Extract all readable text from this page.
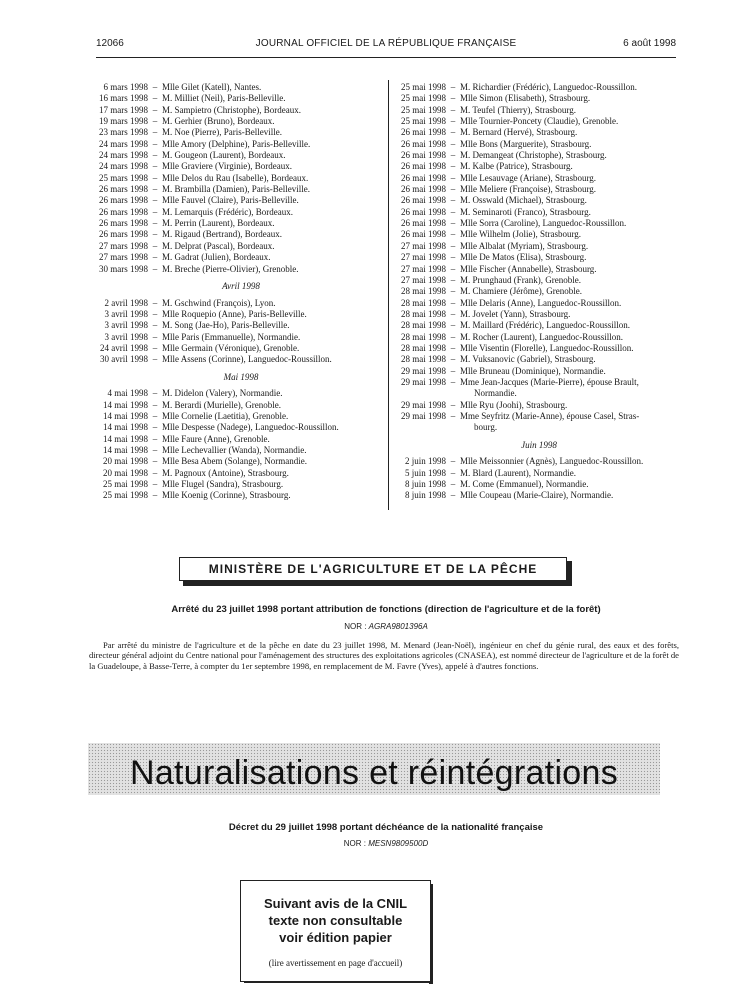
12066	JOURNAL OFFICIEL DE LA RÉPUBLIQUE FRANÇAISE	6 août 1998
6 mars 1998 – Mlle Gilet (Katell), Nantes.
16 mars 1998 – M. Milliet (Neil), Paris-Belleville.
17 mars 1998 – M. Sampietro (Christophe), Bordeaux.
19 mars 1998 – M. Gerhier (Bruno), Bordeaux.
23 mars 1998 – M. Noe (Pierre), Paris-Belleville.
24 mars 1998 – Mlle Amory (Delphine), Paris-Belleville.
24 mars 1998 – M. Gougeon (Laurent), Bordeaux.
24 mars 1998 – Mlle Graviere (Virginie), Bordeaux.
25 mars 1998 – Mlle Delos du Rau (Isabelle), Bordeaux.
26 mars 1998 – M. Brambilla (Damien), Paris-Belleville.
26 mars 1998 – Mlle Fauvel (Claire), Paris-Belleville.
26 mars 1998 – M. Lemarquis (Frédéric), Bordeaux.
26 mars 1998 – M. Perrin (Laurent), Bordeaux.
26 mars 1998 – M. Rigaud (Bertrand), Bordeaux.
27 mars 1998 – M. Delprat (Pascal), Bordeaux.
27 mars 1998 – M. Gadrat (Julien), Bordeaux.
30 mars 1998 – M. Breche (Pierre-Olivier), Grenoble.
Avril 1998
2 avril 1998 – M. Gschwind (François), Lyon.
3 avril 1998 – Mlle Roquepio (Anne), Paris-Belleville.
3 avril 1998 – M. Song (Jae-Ho), Paris-Belleville.
3 avril 1998 – Mlle Paris (Emmanuelle), Normandie.
24 avril 1998 – Mlle Germain (Véronique), Grenoble.
30 avril 1998 – Mlle Assens (Corinne), Languedoc-Roussillon.
Mai 1998
4 mai 1998 – M. Didelon (Valery), Normandie.
14 mai 1998 – M. Berardi (Murielle), Grenoble.
14 mai 1998 – Mlle Cornelie (Laetitia), Grenoble.
14 mai 1998 – Mlle Despesse (Nadege), Languedoc-Roussillon.
14 mai 1998 – Mlle Faure (Anne), Grenoble.
14 mai 1998 – Mlle Lechevallier (Wanda), Normandie.
20 mai 1998 – Mlle Besa Abem (Solange), Normandie.
20 mai 1998 – M. Pagnoux (Antoine), Strasbourg.
25 mai 1998 – Mlle Flugel (Sandra), Strasbourg.
25 mai 1998 – Mlle Koenig (Corinne), Strasbourg.
25 mai 1998 – M. Richardier (Frédéric), Languedoc-Roussillon.
25 mai 1998 – Mlle Simon (Elisabeth), Strasbourg.
25 mai 1998 – M. Teufel (Thierry), Strasbourg.
25 mai 1998 – Mlle Tournier-Poncety (Claudie), Grenoble.
26 mai 1998 – M. Bernard (Hervé), Strasbourg.
26 mai 1998 – Mlle Bons (Marguerite), Strasbourg.
26 mai 1998 – M. Demangeat (Christophe), Strasbourg.
26 mai 1998 – M. Kalbe (Patrice), Strasbourg.
26 mai 1998 – Mlle Lesauvage (Ariane), Strasbourg.
26 mai 1998 – Mlle Meliere (Françoise), Strasbourg.
26 mai 1998 – M. Osswald (Michael), Strasbourg.
26 mai 1998 – M. Seminaroti (Franco), Strasbourg.
26 mai 1998 – Mlle Sorra (Caroline), Languedoc-Roussillon.
26 mai 1998 – Mlle Wilhelm (Jolie), Strasbourg.
27 mai 1998 – Mlle Albalat (Myriam), Strasbourg.
27 mai 1998 – Mlle De Matos (Elisa), Strasbourg.
27 mai 1998 – Mlle Fischer (Annabelle), Strasbourg.
27 mai 1998 – M. Prunghaud (Frank), Grenoble.
28 mai 1998 – M. Chamiere (Jérôme), Grenoble.
28 mai 1998 – Mlle Delaris (Anne), Languedoc-Roussillon.
28 mai 1998 – M. Jovelet (Yann), Strasbourg.
28 mai 1998 – M. Maillard (Frédéric), Languedoc-Roussillon.
28 mai 1998 – M. Rocher (Laurent), Languedoc-Roussillon.
28 mai 1998 – Mlle Visentin (Florelle), Languedoc-Roussillon.
28 mai 1998 – M. Vuksanovic (Gabriel), Strasbourg.
29 mai 1998 – Mlle Bruneau (Dominique), Normandie.
29 mai 1998 – Mme Jean-Jacques (Marie-Pierre), épouse Brault,
Normandie.
29 mai 1998 – Mlle Ryu (Joohi), Strasbourg.
29 mai 1998 – Mme Seyfritz (Marie-Anne), épouse Casel, Stras-
bourg.
Juin 1998
2 juin 1998 – Mlle Meissonnier (Agnès), Languedoc-Roussillon.
5 juin 1998 – M. Blard (Laurent), Normandie.
8 juin 1998 – M. Come (Emmanuel), Normandie.
8 juin 1998 – Mlle Coupeau (Marie-Claire), Normandie.
MINISTÈRE DE L'AGRICULTURE ET DE LA PÊCHE
Arrêté du 23 juillet 1998 portant attribution de fonctions (direction de l'agriculture et de la forêt)
NOR : AGRA9801396A
Par arrêté du ministre de l'agriculture et de la pêche en date du 23 juillet 1998, M. Menard (Jean-Noël), ingénieur en chef du génie rural, des eaux et des forêts, directeur général adjoint du Centre national pour l'aménagement des structures des exploitations agricoles (CNASEA), est nommé directeur de l'agriculture et de la forêt de la Guadeloupe, à Basse-Terre, à compter du 1er septembre 1998, en remplacement de M. Favre (Yves), appelé à d'autres fonctions.
Naturalisations et réintégrations
Décret du 29 juillet 1998 portant déchéance de la nationalité française
NOR : MESN9809500D
Suivant avis de la CNIL
texte non consultable
voir édition papier
(lire avertissement en page d'accueil)
